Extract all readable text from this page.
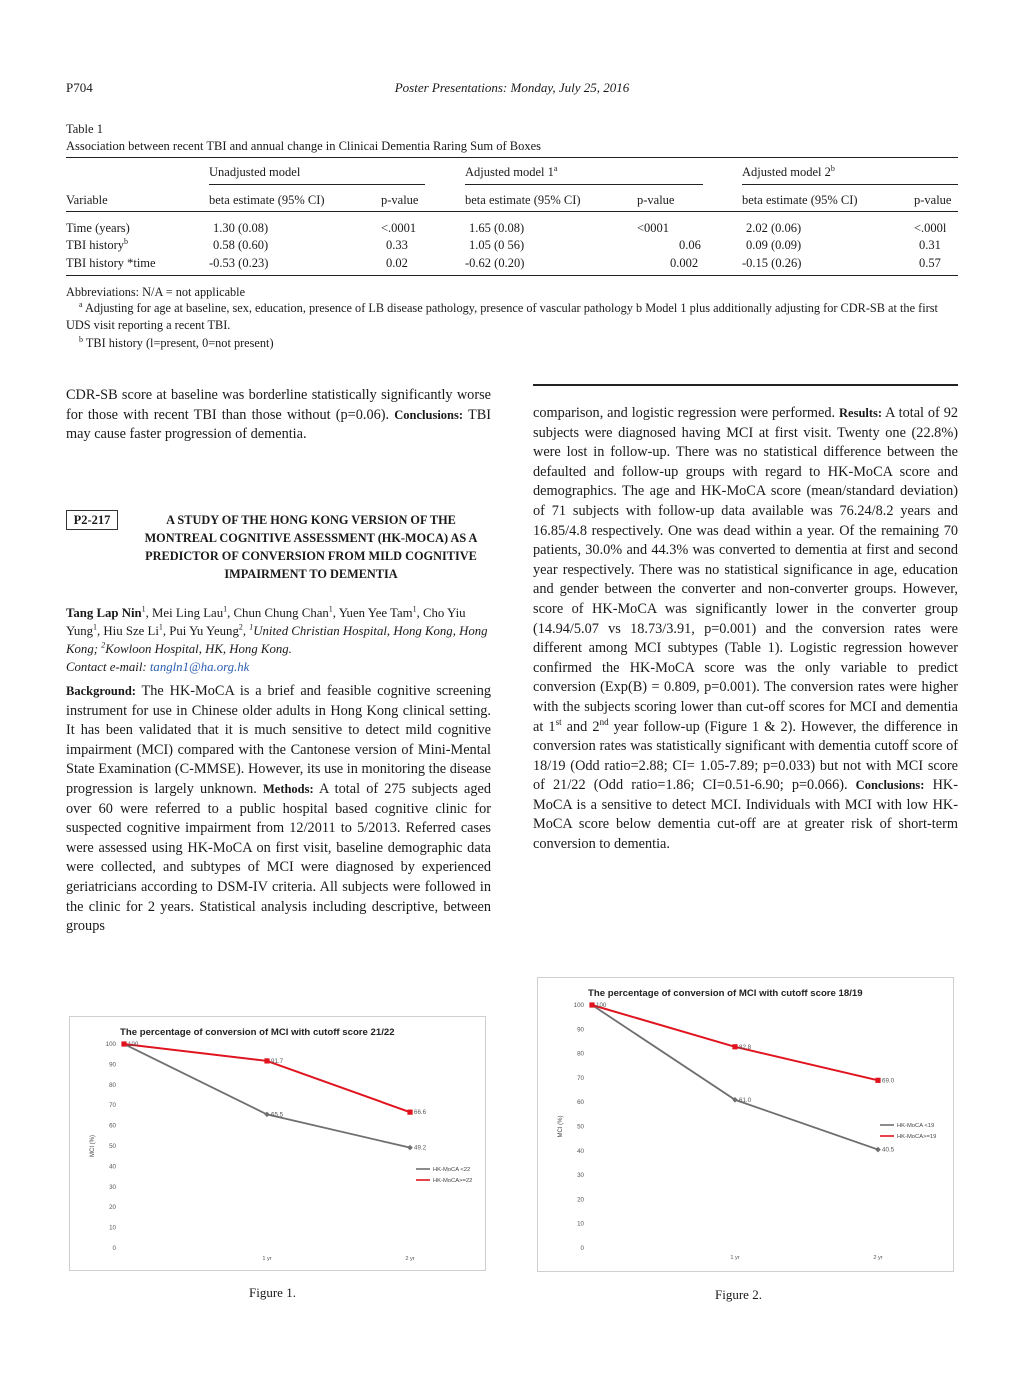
P704	Poster Presentations: Monday, July 25, 2016
Table 1
Association between recent TBI and annual change in Clinicai Dementia Raring Sum of Boxes
Unadjusted model	Adjusted model 1$^a$	Adjusted model 2$^b$
Variable	beta estimate (95% CI)	p-value	beta estimate (95% CI)	p-value	beta estimate (95% CI)	p-value
Time (years)	1.30 (0.08)	<.0001	1.65 (0.08)	<0001	2.02 (0.06)	<.000l
TBI history$^b$	0.58 (0.60)	0.33	1.05 (0 56)	0.06	0.09 (0.09)	0.31
TBI history *time	-0.53 (0.23)	0.02	-0.62 (0.20)	0.002	-0.15 (0.26)	0.57
Abbreviations: N/A = not applicable
$^a$ Adjusting for age at baseline, sex, education, presence of LB disease pathology, presence of vascular pathology b Model 1 plus additionally adjusting for CDR-SB at the first UDS visit reporting a recent TBI.
$^b$ TBI history (l=present, 0=not present)
CDR-SB score at baseline was borderline statistically significantly worse for those with recent TBI than those without (p=0.06). Conclusions: TBI may cause faster progression of dementia.
P2-217	A STUDY OF THE HONG KONG VERSION OF THE MONTREAL COGNITIVE ASSESSMENT (HK-MOCA) AS A PREDICTOR OF CONVERSION FROM MILD COGNITIVE IMPAIRMENT TO DEMENTIA
Tang Lap Nin$^1$, Mei Ling Lau$^1$, Chun Chung Chan$^1$, Yuen Yee Tam$^1$, Cho Yiu Yung$^1$, Hiu Sze Li$^1$, Pui Yu Yeung$^2$, $^1$United Christian Hospital, Hong Kong, Hong Kong; $^2$Kowloon Hospital, HK, Hong Kong.
Contact e-mail: tangln1@ha.org.hk
Background: The HK-MoCA is a brief and feasible cognitive screening instrument for use in Chinese older adults in Hong Kong clinical setting. It has been validated that it is much sensitive to detect mild cognitive impairment (MCI) compared with the Cantonese version of Mini-Mental State Examination (C-MMSE). However, its use in monitoring the disease progression is largely unknown. Methods: A total of 275 subjects aged over 60 were referred to a public hospital based cognitive clinic for suspected cognitive impairment from 12/2011 to 5/2013. Referred cases were assessed using HK-MoCA on first visit, baseline demographic data were collected, and subtypes of MCI were diagnosed by experienced geriatricians according to DSM-IV criteria. All subjects were followed in the clinic for 2 years. Statistical analysis including descriptive, between groups
comparison, and logistic regression were performed. Results: A total of 92 subjects were diagnosed having MCI at first visit. Twenty one (22.8%) were lost in follow-up. There was no statistical difference between the defaulted and follow-up groups with regard to HK-MoCA score and demographics. The age and HK-MoCA score (mean/standard deviation) of 71 subjects with follow-up data available was 76.24/8.2 years and 16.85/4.8 respectively. One was dead within a year. Of the remaining 70 patients, 30.0% and 44.3% was converted to dementia at first and second year respectively. There was no statistical significance in age, education and gender between the converter and non-converter groups. However, score of HK-MoCA was significantly lower in the converter group (14.94/5.07 vs 18.73/3.91, p=0.001) and the conversion rates were different among MCI subtypes (Table 1). Logistic regression however confirmed the HK-MoCA score was the only variable to predict conversion (Exp(B) = 0.809, p=0.001). The conversion rates were higher with the subjects scoring lower than cut-off scores for MCI and dementia at 1st and 2nd year follow-up (Figure 1 & 2). However, the difference in conversion rates was statistically significant with dementia cutoff score of 18/19 (Odd ratio=2.88; CI= 1.05-7.89; p=0.033) but not with MCI score of 21/22 (Odd ratio=1.86; CI=0.51-6.90; p=0.066). Conclusions: HK-MoCA is a sensitive to detect MCI. Individuals with MCI with low HK-MoCA score below dementia cut-off are at greater risk of short-term conversion to dementia.
The percentage of conversion of MCI with cutoff score 21/22
MCI (%)
0
10
20
30
40
50
60
70
80
90
100
1 yr	2 yr
65.5
49.2
HK-MoCA <22
100
91.7
66.6
HK-MoCA>=22
Figure 1.
The percentage of conversion of MCI with cutoff score 18/19
MCI (%)
0
10
20
30
40
50
60
70
80
90
100
1 yr	2 yr
61.0
40.5
HK-MoCA <19
100
82.8
69.0
HK-MoCA>=19
Figure 2.
